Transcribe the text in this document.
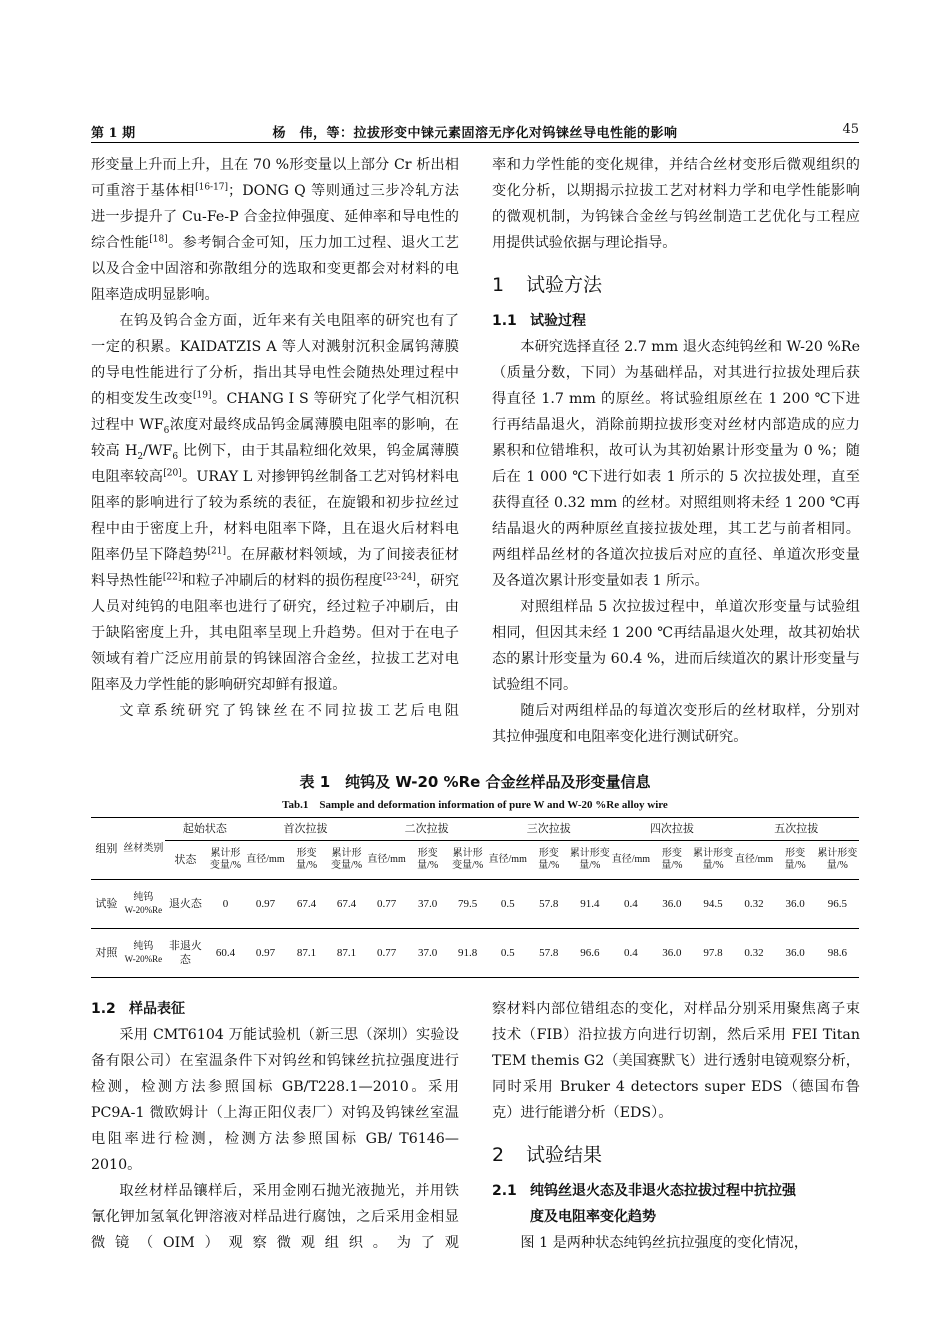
第 1 期	杨　伟，等：拉拔形变中铼元素固溶无序化对钨铼丝导电性能的影响	45

形变量上升而上升，且在 70 %形变量以上部分 Cr 析出相可重溶于基体相[16-17]；DONG Q 等则通过三步冷轧方法进一步提升了 Cu-Fe-P 合金拉伸强度、延伸率和导电性的综合性能[18]。参考铜合金可知，压力加工过程、退火工艺以及合金中固溶和弥散组分的选取和变更都会对材料的电阻率造成明显影响。

在钨及钨合金方面，近年来有关电阻率的研究也有了一定的积累。KAIDATZIS A 等人对溅射沉积金属钨薄膜的导电性能进行了分析，指出其导电性会随热处理过程中的相变发生改变[19]。CHANG I S 等研究了化学气相沉积过程中 $WF_6$浓度对最终成品钨金属薄膜电阻率的影响，在较高 $H_2/WF_6$ 比例下，由于其晶粒细化效果，钨金属薄膜电阻率较高[20]。URAY L 对掺钾钨丝制备工艺对钨材料电阻率的影响进行了较为系统的表征，在旋锻和初步拉丝过程中由于密度上升，材料电阻率下降，且在退火后材料电阻率仍呈下降趋势[21]。在屏蔽材料领域，为了间接表征材料导热性能[22]和粒子冲刷后的材料的损伤程度[23-24]，研究人员对纯钨的电阻率也进行了研究，经过粒子冲刷后，由于缺陷密度上升，其电阻率呈现上升趋势。但对于在电子领域有着广泛应用前景的钨铼固溶合金丝，拉拔工艺对电阻率及力学性能的影响研究却鲜有报道。

文章系统研究了钨铼丝在不同拉拔工艺后电阻

率和力学性能的变化规律，并结合丝材变形后微观组织的变化分析，以期揭示拉拔工艺对材料力学和电学性能影响的微观机制，为钨铼合金丝与钨丝制造工艺优化与工程应用提供试验依据与理论指导。

1 试验方法
1.1 试验过程

本研究选择直径 2.7 mm 退火态纯钨丝和 W-20 %Re（质量分数，下同）为基础样品，对其进行拉拔处理后获得直径 1.7 mm 的原丝。将试验组原丝在 1 200 ℃下进行再结晶退火，消除前期拉拔形变对丝材内部造成的应力累积和位错堆积，故可认为其初始累计形变量为 0 %；随后在 1 000 ℃下进行如表 1 所示的 5 次拉拔处理，直至获得直径 0.32 mm 的丝材。对照组则将未经 1 200 ℃再结晶退火的两种原丝直接拉拔处理，其工艺与前者相同。两组样品丝材的各道次拉拔后对应的直径、单道次形变量及各道次累计形变量如表 1 所示。

对照组样品 5 次拉拔过程中，单道次形变量与试验组相同，但因其未经 1 200 ℃再结晶退火处理，故其初始状态的累计形变量为 60.4 %，进而后续道次的累计形变量与试验组不同。

随后对两组样品的每道次变形后的丝材取样，分别对其拉伸强度和电阻率变化进行测试研究。

表 1　纯钨及 W-20 %Re 合金丝样品及形变量信息
Tab.1　Sample and deformation information of pure W and W-20 %Re alloy wire
组别	丝材类别	起始状态		首次拉拔			二次拉拔			三次拉拔			四次拉拔			五次拉拔		
		状态	累计形变量/%	直径/mm	形变量/%	累计形变量/%	直径/mm	形变量/%	累计形变量/%	直径/mm	形变量/%	累计形变量/%	直径/mm	形变量/%	累计形变量/%	直径/mm	形变量/%	累计形变量/%
试验	纯钨
W-20%Re	退火态	0	0.97	67.4	67.4	0.77	37.0	79.5	0.5	57.8	91.4	0.4	36.0	94.5	0.32	36.0	96.5
对照	纯钨
W-20%Re	非退火态	60.4	0.97	87.1	87.1	0.77	37.0	91.8	0.5	57.8	96.6	0.4	36.0	97.8	0.32	36.0	98.6
1.2 样品表征

采用 CMT6104 万能试验机（新三思（深圳）实验设备有限公司）在室温条件下对钨丝和钨铼丝抗拉强度进行检测，检测方法参照国标 GB/T228.1—2010。采用 PC9A-1 微欧姆计（上海正阳仪表厂）对钨及钨铼丝室温电阻率进行检测，检测方法参照国标 GB/ T6146—2010。

取丝材样品镶样后，采用金刚石抛光液抛光，并用铁氰化钾加氢氧化钾溶液对样品进行腐蚀，之后采用金相显微镜（OIM）观察微观组织。为了观

察材料内部位错组态的变化，对样品分别采用聚焦离子束技术（FIB）沿拉拔方向进行切割，然后采用 FEI Titan TEM themis G2（美国赛默飞）进行透射电镜观察分析，同时采用 Bruker 4 detectors super EDS（德国布鲁克）进行能谱分析（EDS）。

2 试验结果
2.1 纯钨丝退火态及非退火态拉拔过程中抗拉强
度及电阻率变化趋势

图 1 是两种状态纯钨丝抗拉强度的变化情况，
